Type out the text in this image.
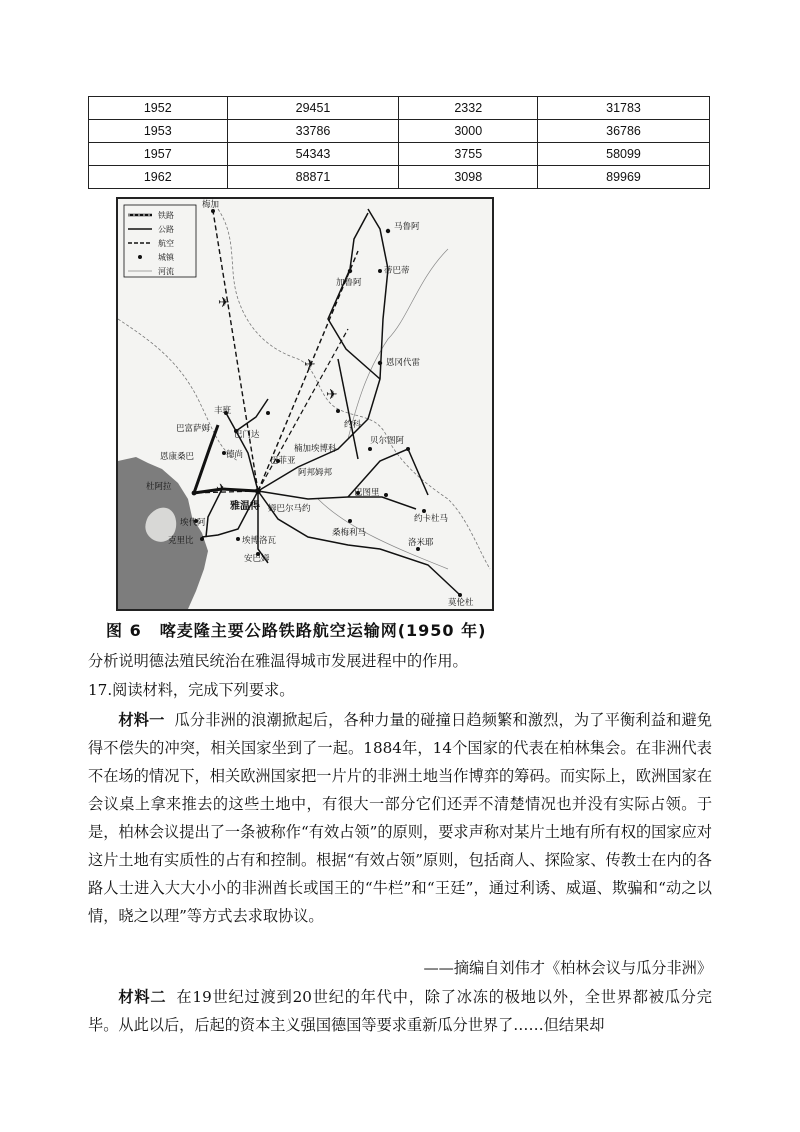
1952	29451	2332	31783
1953	33786	3000	36786
1957	54343	3755	58099
1962	88871	3098	89969
铁路
公路
航空
城镇
河流
✈
✈
✈
✈
梅加
马鲁阿
加鲁阿
蒂巴蒂
恩冈代雷
约科
丰班
巴富萨姆
巴门达
德尚
恩康桑巴
杜阿拉
雅温得 姆巴尔马约
巴菲亚
楠加埃博科
阿邦姆邦
贝尔图阿
巴图里
约卡杜马
埃代阿
克里比	埃博洛瓦
安巴姆
桑梅利马
洛米耶
莫伦杜
图 6 喀麦隆主要公路铁路航空运输网(1950 年)
分析说明德法殖民统治在雅温得城市发展进程中的作用。
17.阅读材料，完成下列要求。
材料一 瓜分非洲的浪潮掀起后，各种力量的碰撞日趋频繁和激烈，为了平衡利益和避免得不偿失的冲突，相关国家坐到了一起。1884年，14个国家的代表在柏林集会。在非洲代表不在场的情况下，相关欧洲国家把一片片的非洲土地当作博弈的筹码。而实际上，欧洲国家在会议桌上拿来推去的这些土地中，有很大一部分它们还弄不清楚情况也并没有实际占领。于是，柏林会议提出了一条被称作“有效占领”的原则，要求声称对某片土地有所有权的国家应对这片土地有实质性的占有和控制。根据“有效占领”原则，包括商人、探险家、传教士在内的各路人士进入大大小小的非洲酋长或国王的“牛栏”和“王廷”，通过利诱、威逼、欺骗和“动之以情，晓之以理”等方式去求取协议。
——摘编自刘伟才《柏林会议与瓜分非洲》
材料二 在19世纪过渡到20世纪的年代中，除了冰冻的极地以外，全世界都被瓜分完毕。从此以后，后起的资本主义强国德国等要求重新瓜分世界了……但结果却
